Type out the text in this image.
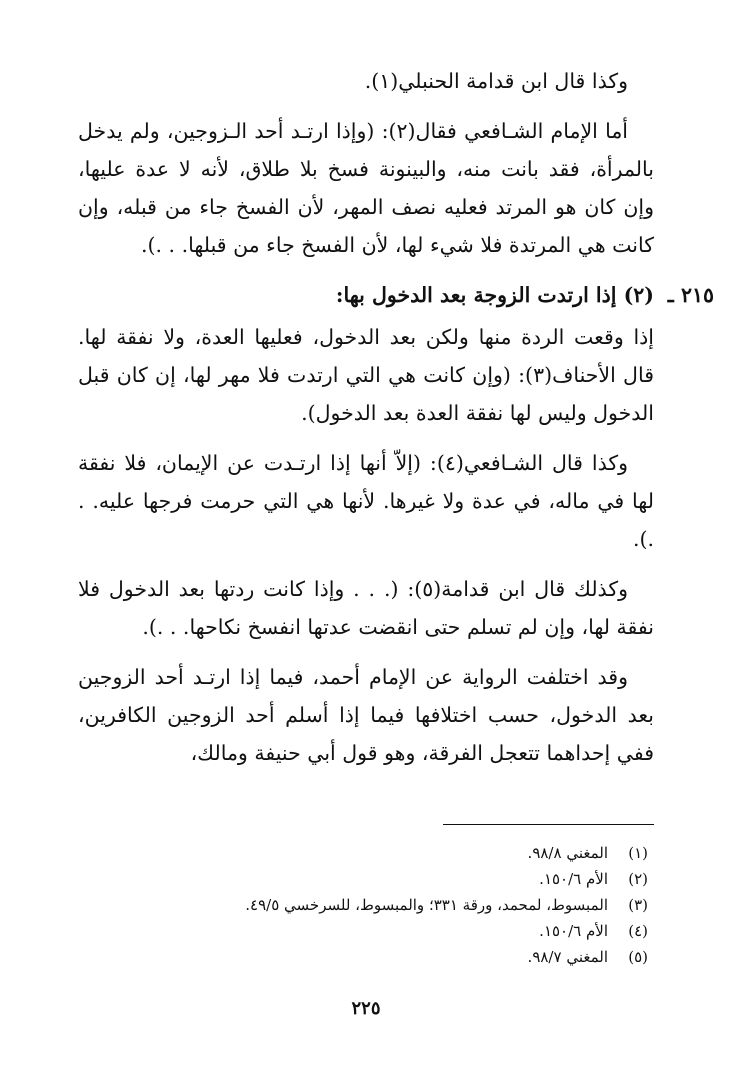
وكذا قال ابن قدامة الحنبلي(١).

أما الإمام الشـافعي فقال(٢): (وإذا ارتـد أحد الـزوجين، ولم يدخل بالمرأة، فقد بانت منه، والبينونة فسخ بلا طلاق، لأنه لا عدة عليها، وإن كان هو المرتد فعليه نصف المهر، لأن الفسخ جاء من قبله، وإن كانت هي المرتدة فلا شيء لها، لأن الفسخ جاء من قبلها. . .).

٢١٥ ـ
(٢) إذا ارتدت الزوجة بعد الدخول بها:

إذا وقعت الردة منها ولكن بعد الدخول، فعليها العدة، ولا نفقة لها. قال الأحناف(٣): (وإن كانت هي التي ارتدت فلا مهر لها، إن كان قبل الدخول وليس لها نفقة العدة بعد الدخول).

وكذا قال الشـافعي(٤): (إلاّ أنها إذا ارتـدت عن الإيمان، فلا نفقة لها في ماله، في عدة ولا غيرها. لأنها هي التي حرمت فرجها عليه. . .).

وكذلك قال ابن قدامة(٥): (. . . وإذا كانت ردتها بعد الدخول فلا نفقة لها، وإن لم تسلم حتى انقضت عدتها انفسخ نكاحها. . .).

وقد اختلفت الرواية عن الإمام أحمد، فيما إذا ارتـد أحد الزوجين بعد الدخول، حسب اختلافها فيما إذا أسلم أحد الزوجين الكافرين، ففي إحداهما تتعجل الفرقة، وهو قول أبي حنيفة ومالك،

(١)
المغني ٩٨/٨.
(٢)
الأم ١٥٠/٦.
(٣)
المبسوط، لمحمد، ورقة ٣٣١؛ والمبسوط، للسرخسي ٤٩/٥.
(٤)
الأم ١٥٠/٦.
(٥)
المغني ٩٨/٧.
٢٢٥
